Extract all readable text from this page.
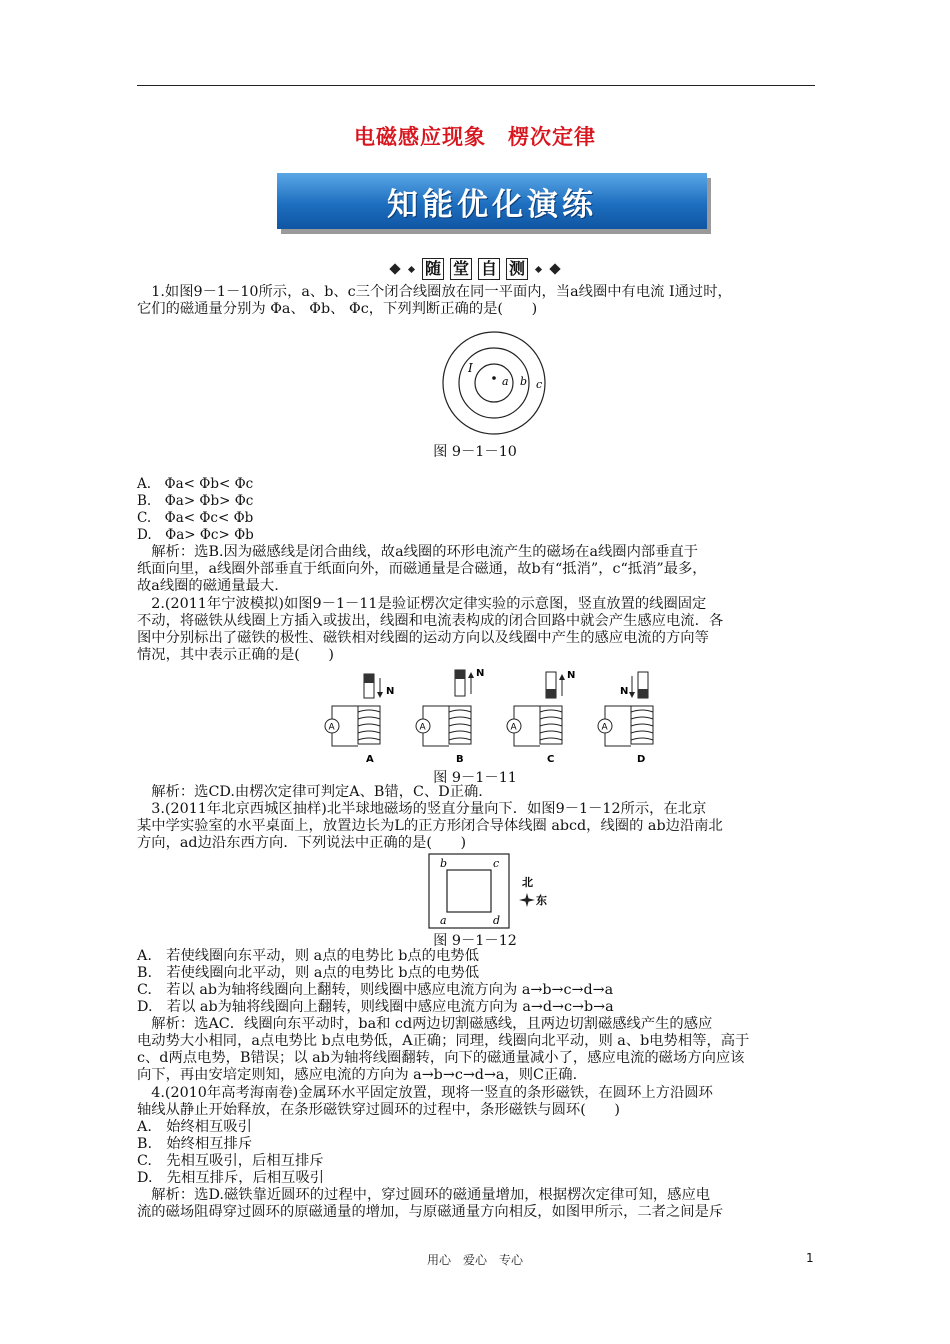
电磁感应现象　楞次定律
知能优化演练
随 堂 自 测
　1.如图9－1－10所示，a、b、c三个闭合线圈放在同一平面内，当a线圈中有电流 I通过时，
它们的磁通量分别为 Φa、 Φb、 Φc，下列判断正确的是(　　)
I
a b c
图 9－1－10
A.　Φa< Φb< Φc
B.　Φa> Φb> Φc
C.　Φa< Φc< Φb
D.　Φa> Φc> Φb
　解析：选B.因为磁感线是闭合曲线，故a线圈的环形电流产生的磁场在a线圈内部垂直于
纸面向里，a线圈外部垂直于纸面向外，而磁通量是合磁通，故b有“抵消”，c“抵消”最多，
故a线圈的磁通量最大.
　2.(2011年宁波模拟)如图9－1－11是验证楞次定律实验的示意图，竖直放置的线圈固定
不动，将磁铁从线圈上方插入或拔出，线圈和电流表构成的闭合回路中就会产生感应电流．各
图中分别标出了磁铁的极性、磁铁相对线圈的运动方向以及线圈中产生的感应电流的方向等
情况，其中表示正确的是(　　)
N
A
A
N
A
B
N
A
C
N
A
D
图 9－1－11
　解析：选CD.由楞次定律可判定A、B错，C、D正确.
　3.(2011年北京西城区抽样)北半球地磁场的竖直分量向下．如图9－1－12所示，在北京
某中学实验室的水平桌面上，放置边长为L的正方形闭合导体线圈 abcd，线圈的 ab边沿南北
方向，ad边沿东西方向．下列说法中正确的是(　　)
b	c
a	d
北
东
图 9－1－12
A.　若使线圈向东平动，则 a点的电势比 b点的电势低
B.　若使线圈向北平动，则 a点的电势比 b点的电势低
C.　若以 ab为轴将线圈向上翻转，则线圈中感应电流方向为 a→b→c→d→a
D.　若以 ab为轴将线圈向上翻转，则线圈中感应电流方向为 a→d→c→b→a
　解析：选AC．线圈向东平动时，ba和 cd两边切割磁感线，且两边切割磁感线产生的感应
电动势大小相同，a点电势比 b点电势低，A正确；同理，线圈向北平动，则 a、b电势相等，高于
c、d两点电势，B错误；以 ab为轴将线圈翻转，向下的磁通量减小了，感应电流的磁场方向应该
向下，再由安培定则知，感应电流的方向为 a→b→c→d→a，则C正确.
　4.(2010年高考海南卷)金属环水平固定放置，现将一竖直的条形磁铁，在圆环上方沿圆环
轴线从静止开始释放，在条形磁铁穿过圆环的过程中，条形磁铁与圆环(　　)
A.　始终相互吸引
B.　始终相互排斥
C.　先相互吸引，后相互排斥
D.　先相互排斥，后相互吸引
　解析：选D.磁铁靠近圆环的过程中，穿过圆环的磁通量增加，根据楞次定律可知，感应电
流的磁场阻碍穿过圆环的原磁通量的增加，与原磁通量方向相反，如图甲所示，二者之间是斥
用心　爱心　专心	1
